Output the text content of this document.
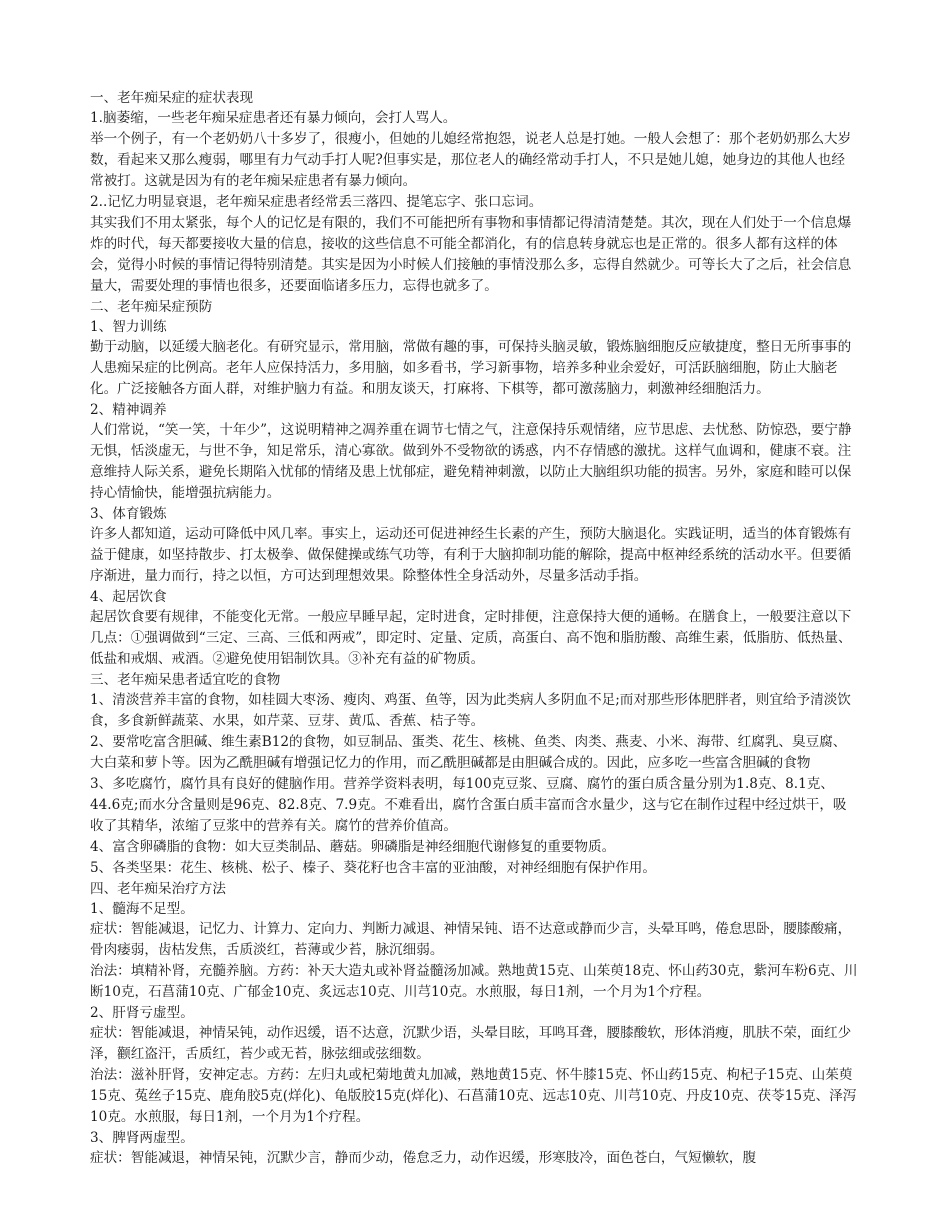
一、老年痴呆症的症状表现

1.脑萎缩，一些老年痴呆症患者还有暴力倾向，会打人骂人。

举一个例子，有一个老奶奶八十多岁了，很瘦小，但她的儿媳经常抱怨，说老人总是打她。一般人会想了：那个老奶奶那么大岁数，看起来又那么瘦弱，哪里有力气动手打人呢?但事实是，那位老人的确经常动手打人，不只是她儿媳，她身边的其他人也经常被打。这就是因为有的老年痴呆症患者有暴力倾向。

2..记忆力明显衰退，老年痴呆症患者经常丢三落四、提笔忘字、张口忘词。

其实我们不用太紧张，每个人的记忆是有限的，我们不可能把所有事物和事情都记得清清楚楚。其次，现在人们处于一个信息爆炸的时代，每天都要接收大量的信息，接收的这些信息不可能全都消化，有的信息转身就忘也是正常的。很多人都有这样的体会，觉得小时候的事情记得特别清楚。其实是因为小时候人们接触的事情没那么多，忘得自然就少。可等长大了之后，社会信息量大，需要处理的事情也很多，还要面临诸多压力，忘得也就多了。

二、老年痴呆症预防

1、智力训练

勤于动脑，以延缓大脑老化。有研究显示，常用脑，常做有趣的事，可保持头脑灵敏，锻炼脑细胞反应敏捷度，整日无所事事的人患痴呆症的比例高。老年人应保持活力，多用脑，如多看书，学习新事物，培养多种业余爱好，可活跃脑细胞，防止大脑老化。广泛接触各方面人群，对维护脑力有益。和朋友谈天，打麻将、下棋等，都可激荡脑力，刺激神经细胞活力。

2、精神调养

人们常说，“笑一笑，十年少”，这说明精神之凋养重在调节七情之气，注意保持乐观情绪，应节思虑、去忧愁、防惊恐，要宁静无惧，恬淡虚无，与世不争，知足常乐，清心寡欲。做到外不受物欲的诱惑，内不存情感的激扰。这样气血调和，健康不衰。注意维持人际关系，避免长期陷入忧郁的情绪及患上忧郁症，避免精神刺激，以防止大脑组织功能的损害。另外，家庭和睦可以保持心情愉快，能增强抗病能力。

3、体育锻炼

许多人都知道，运动可降低中风几率。事实上，运动还可促进神经生长素的产生，预防大脑退化。实践证明，适当的体育锻炼有益于健康，如坚持散步、打太极拳、做保健操或练气功等，有利于大脑抑制功能的解除，提高中枢神经系统的活动水平。但要循序渐进，量力而行，持之以恒，方可达到理想效果。除整体性全身活动外，尽量多活动手指。

4、起居饮食

起居饮食要有规律，不能变化无常。一般应早睡早起，定时进食，定时排便，注意保持大便的通畅。在膳食上，一般要注意以下几点：①强调做到“三定、三高、三低和两戒”，即定时、定量、定质，高蛋白、高不饱和脂肪酸、高维生素，低脂肪、低热量、低盐和戒烟、戒酒。②避免使用铝制饮具。③补充有益的矿物质。

三、老年痴呆患者适宜吃的食物

1、清淡营养丰富的食物，如桂圆大枣汤、瘦肉、鸡蛋、鱼等，因为此类病人多阴血不足;而对那些形体肥胖者，则宜给予清淡饮食，多食新鲜蔬菜、水果，如芹菜、豆芽、黄瓜、香蕉、桔子等。

2、要常吃富含胆碱、维生素B12的食物，如豆制品、蛋类、花生、核桃、鱼类、肉类、燕麦、小米、海带、红腐乳、臭豆腐、大白菜和萝卜等。因为乙酰胆碱有增强记忆力的作用，而乙酰胆碱都是由胆碱合成的。因此，应多吃一些富含胆碱的食物

3、多吃腐竹，腐竹具有良好的健脑作用。营养学资料表明，每100克豆浆、豆腐、腐竹的蛋白质含量分别为1.8克、8.1克、44.6克;而水分含量则是96克、82.8克、7.9克。不难看出，腐竹含蛋白质丰富而含水量少，这与它在制作过程中经过烘干，吸收了其精华，浓缩了豆浆中的营养有关。腐竹的营养价值高。

4、富含卵磷脂的食物：如大豆类制品、蘑菇。卵磷脂是神经细胞代谢修复的重要物质。

5、各类坚果：花生、核桃、松子、榛子、葵花籽也含丰富的亚油酸，对神经细胞有保护作用。

四、老年痴呆治疗方法

1、髓海不足型。

症状：智能减退，记忆力、计算力、定向力、判断力减退、神情呆钝、语不达意或静而少言，头晕耳鸣，倦怠思卧，腰膝酸痛，骨肉痿弱，齿枯发焦，舌质淡红，苔薄或少苔，脉沉细弱。

治法：填精补肾，充髓养脑。方药：补天大造丸或补肾益髓汤加减。熟地黄15克、山茱萸18克、怀山药30克，紫河车粉6克、川断10克，石菖蒲10克、广郁金10克、炙远志10克、川芎10克。水煎服，每日1剂，一个月为1个疗程。

2、肝肾亏虚型。

症状：智能减退，神情呆钝，动作迟缓，语不达意，沉默少语，头晕目眩，耳鸣耳聋，腰膝酸软，形体消瘦，肌肤不荣，面红少泽，颧红盗汗，舌质红，苔少或无苔，脉弦细或弦细数。

治法：滋补肝肾，安神定志。方药：左归丸或杞菊地黄丸加减，熟地黄15克、怀牛膝15克、怀山药15克、枸杞子15克、山茱萸15克、菟丝子15克、鹿角胶5克(烊化)、龟版胶15克(烊化)、石菖蒲10克、远志10克、川芎10克、丹皮10克、茯苓15克、泽泻10克。水煎服，每日1剂，一个月为1个疗程。

3、脾肾两虚型。

症状：智能减退，神情呆钝，沉默少言，静而少动，倦怠乏力，动作迟缓，形寒肢冷，面色苍白，气短懒软，腹
